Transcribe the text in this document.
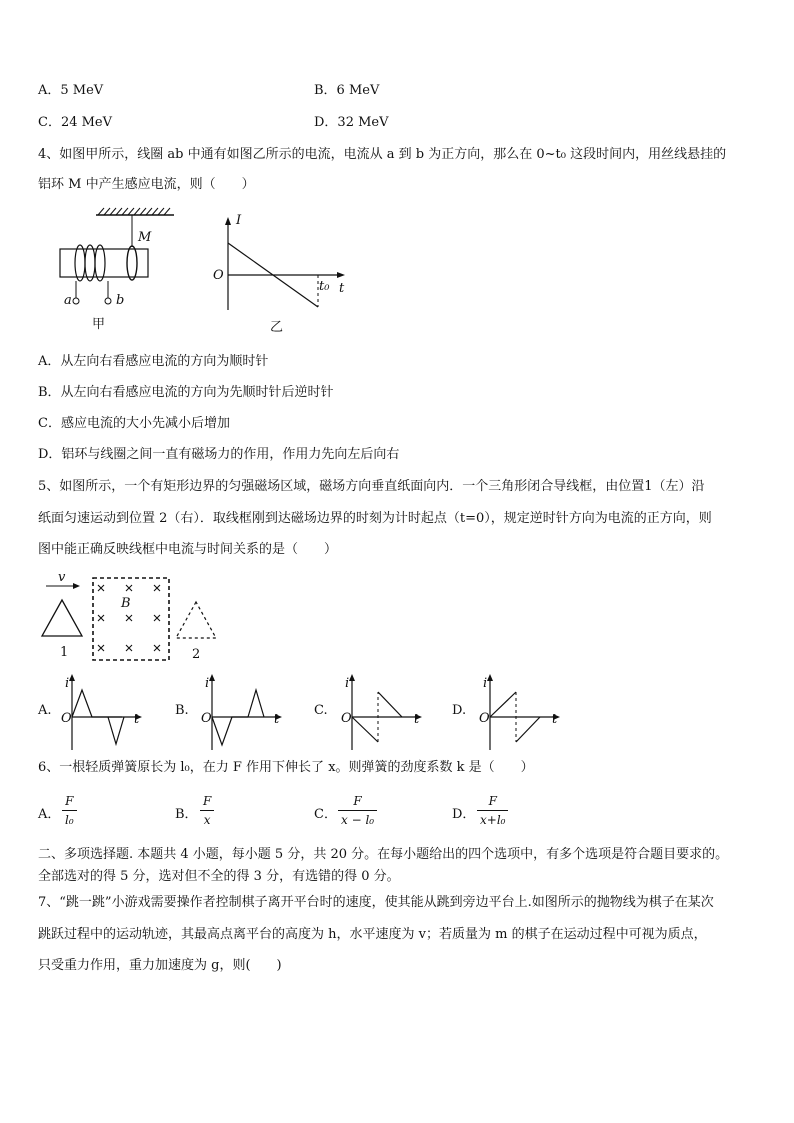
A．5 MeV	B．6 MeV
C．24 MeV	D．32 MeV
4、如图甲所示，线圈 ab 中通有如图乙所示的电流，电流从 a 到 b 为正方向，那么在 0~t₀ 这段时间内，用丝线悬挂的
铝环 M 中产生感应电流，则（　　）
M
a	b
甲
I
O
t₀ t
乙
A．从左向右看感应电流的方向为顺时针
B．从左向右看感应电流的方向为先顺时针后逆时针
C．感应电流的大小先减小后增加
D．铝环与线圈之间一直有磁场力的作用，作用力先向左后向右
5、如图所示，一个有矩形边界的匀强磁场区域，磁场方向垂直纸面向内．一个三角形闭合导线框，由位置1（左）沿
纸面匀速运动到位置 2（右）．取线框刚到达磁场边界的时刻为计时起点（t=0），规定逆时针方向为电流的正方向，则
图中能正确反映线框中电流与时间关系的是（　　）
v
B
1	2
A.
i
O	t
B.
i
O	t
C.
i
O	t
D.
i
O	t
6、一根轻质弹簧原长为 l₀，在力 F 作用下伸长了 x。则弹簧的劲度系数 k 是（　　）
A．
F
l₀	B．
F
x	C．
F
x − l₀	D．
F
x+l₀
二、多项选择题. 本题共 4 小题，每小题 5 分，共 20 分。在每小题给出的四个选项中，有多个选项是符合题目要求的。
全部选对的得 5 分，选对但不全的得 3 分，有选错的得 0 分。
7、“跳一跳”小游戏需要操作者控制棋子离开平台时的速度，使其能从跳到旁边平台上.如图所示的抛物线为棋子在某次
跳跃过程中的运动轨迹，其最高点离平台的高度为 h，水平速度为 v；若质量为 m 的棋子在运动过程中可视为质点，
只受重力作用，重力加速度为 g，则(　　)
